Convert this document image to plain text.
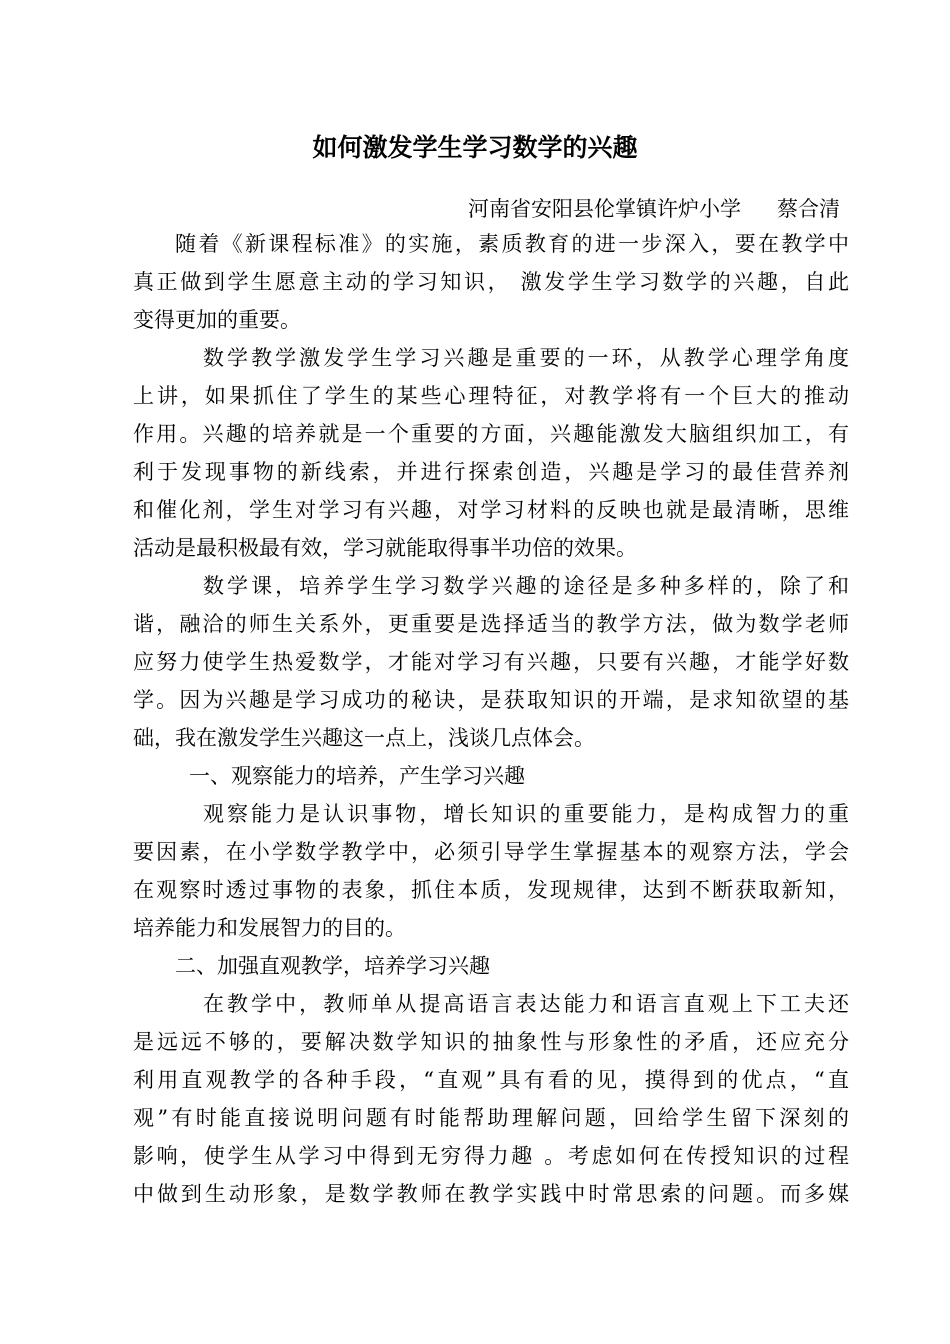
如何激发学生学习数学的兴趣
河南省安阳县伦掌镇许炉小学 蔡合清
随着《新课程标准》的实施，素质教育的进一步深入，要在教学中
真正做到学生愿意主动的学习知识， 激发学生学习数学的兴趣，自此
变得更加的重要。
数学教学激发学生学习兴趣是重要的一环，从教学心理学角度
上讲，如果抓住了学生的某些心理特征，对教学将有一个巨大的推动
作用。兴趣的培养就是一个重要的方面，兴趣能激发大脑组织加工，有
利于发现事物的新线索，并进行探索创造，兴趣是学习的最佳营养剂
和催化剂，学生对学习有兴趣，对学习材料的反映也就是最清晰，思维
活动是最积极最有效，学习就能取得事半功倍的效果。
数学课，培养学生学习数学兴趣的途径是多种多样的，除了和
谐，融洽的师生关系外，更重要是选择适当的教学方法，做为数学老师
应努力使学生热爱数学，才能对学习有兴趣，只要有兴趣，才能学好数
学。因为兴趣是学习成功的秘诀，是获取知识的开端，是求知欲望的基
础，我在激发学生兴趣这一点上，浅谈几点体会。
一、观察能力的培养，产生学习兴趣
观察能力是认识事物，增长知识的重要能力，是构成智力的重
要因素，在小学数学教学中，必须引导学生掌握基本的观察方法，学会
在观察时透过事物的表象，抓住本质，发现规律，达到不断获取新知，
培养能力和发展智力的目的。
二、加强直观教学，培养学习兴趣
在教学中，教师单从提高语言表达能力和语言直观上下工夫还
是远远不够的，要解决数学知识的抽象性与形象性的矛盾，还应充分
利用直观教学的各种手段，“直观”具有看的见，摸得到的优点，“直
观”有时能直接说明问题有时能帮助理解问题，回给学生留下深刻的
影响，使学生从学习中得到无穷得力趣 。考虑如何在传授知识的过程
中做到生动形象，是数学教师在教学实践中时常思索的问题。而多媒
